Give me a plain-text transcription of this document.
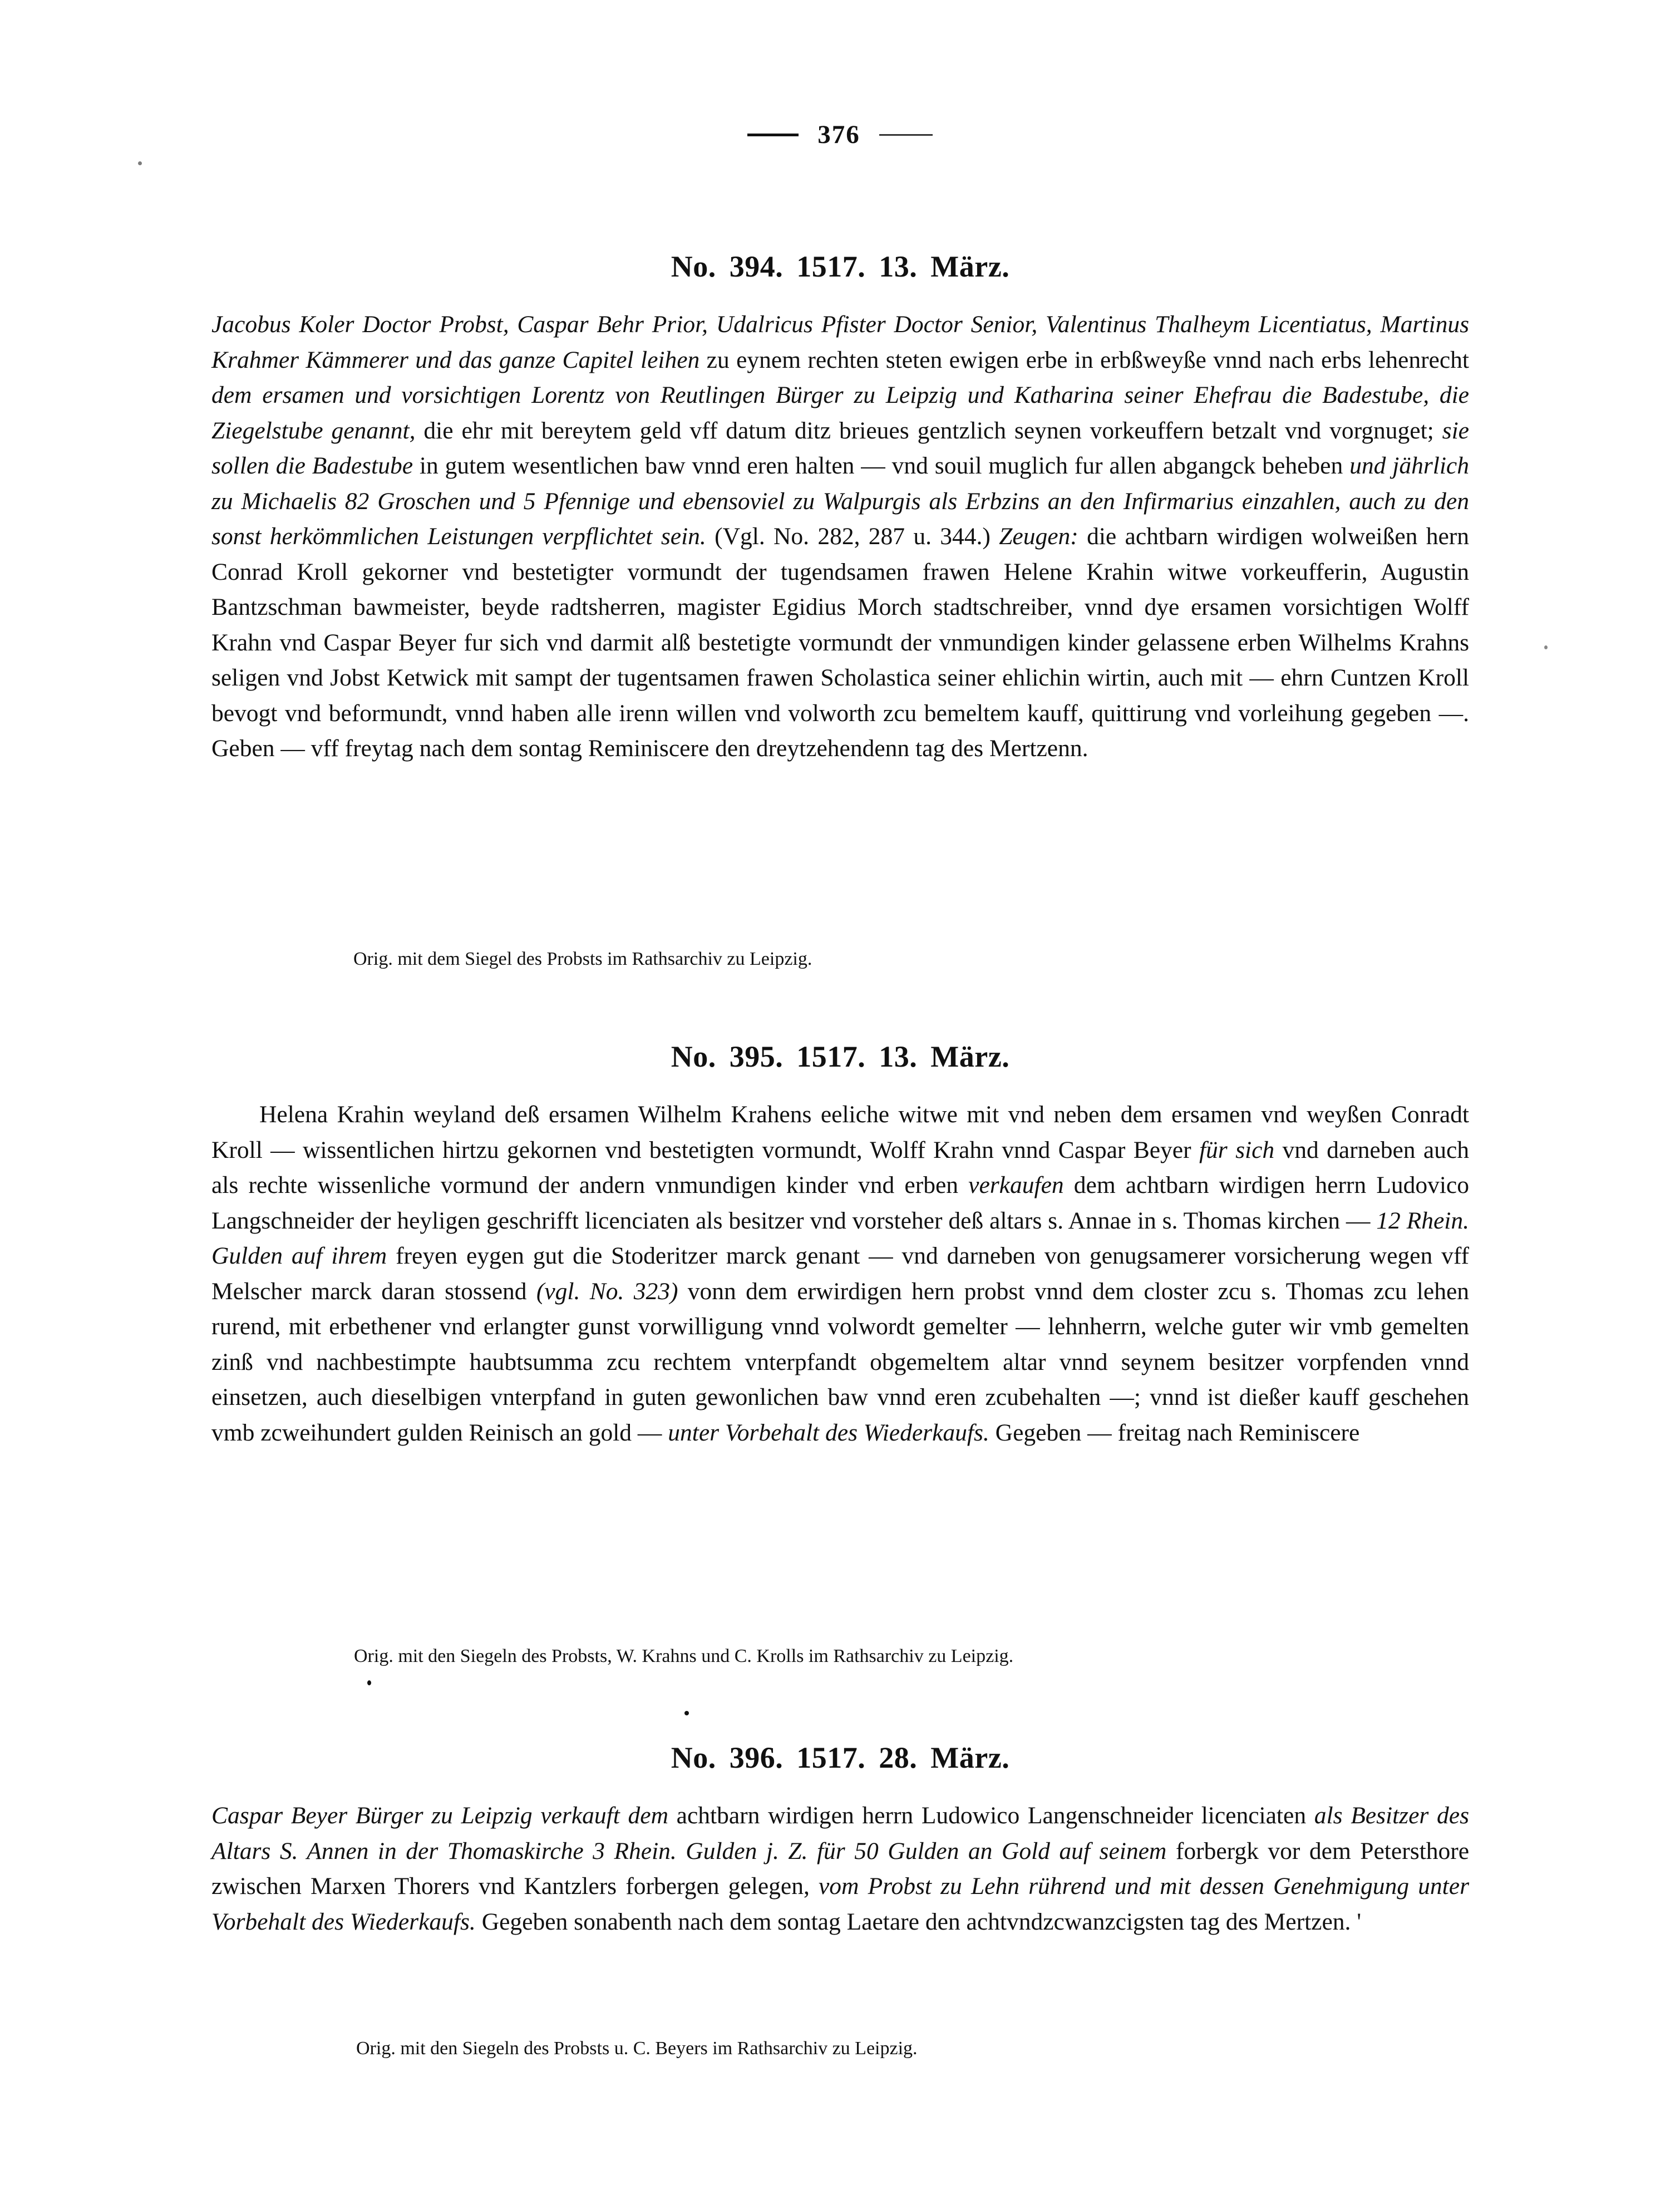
376
No. 394. 1517. 13. März.

Jacobus Koler Doctor Probst, Caspar Behr Prior, Udalricus Pfister Doctor Senior, Valentinus Thalheym Licentiatus, Martinus Krahmer Kämmerer und das ganze Capitel leihen zu eynem rechten steten ewigen erbe in erbßweyße vnnd nach erbs lehenrecht dem ersamen und vorsichtigen Lorentz von Reutlingen Bürger zu Leipzig und Katharina seiner Ehefrau die Badestube, die Ziegelstube genannt, die ehr mit bereytem geld vff datum ditz brieues gentzlich seynen vorkeuffern betzalt vnd vorgnuget; sie sollen die Badestube in gutem wesentlichen baw vnnd eren halten — vnd souil muglich fur allen abgangck beheben und jährlich zu Michaelis 82 Groschen und 5 Pfennige und ebensoviel zu Walpurgis als Erbzins an den Infirmarius einzahlen, auch zu den sonst herkömmlichen Leistungen verpflichtet sein. (Vgl. No. 282, 287 u. 344.) Zeugen: die achtbarn wirdigen wolweißen hern Conrad Kroll gekorner vnd bestetigter vormundt der tugendsamen frawen Helene Krahin witwe vorkeufferin, Augustin Bantzschman bawmeister, beyde radtsherren, magister Egidius Morch stadtschreiber, vnnd dye ersamen vorsichtigen Wolff Krahn vnd Caspar Beyer fur sich vnd darmit alß bestetigte vormundt der vnmundigen kinder gelassene erben Wilhelms Krahns seligen vnd Jobst Ketwick mit sampt der tugentsamen frawen Scholastica seiner ehlichin wirtin, auch mit — ehrn Cuntzen Kroll bevogt vnd beformundt, vnnd haben alle irenn willen vnd volworth zcu bemeltem kauff, quittirung vnd vorleihung gegeben —. Geben — vff freytag nach dem sontag Reminiscere den dreytzehendenn tag des Mertzenn.

Orig. mit dem Siegel des Probsts im Rathsarchiv zu Leipzig.

No. 395. 1517. 13. März.

Helena Krahin weyland deß ersamen Wilhelm Krahens eeliche witwe mit vnd neben dem ersamen vnd weyßen Conradt Kroll — wissentlichen hirtzu gekornen vnd bestetigten vormundt, Wolff Krahn vnnd Caspar Beyer für sich vnd darneben auch als rechte wissenliche vormund der andern vnmundigen kinder vnd erben verkaufen dem achtbarn wirdigen herrn Ludovico Langschneider der heyligen geschrifft licenciaten als besitzer vnd vorsteher deß altars s. Annae in s. Thomas kirchen — 12 Rhein. Gulden auf ihrem freyen eygen gut die Stoderitzer marck genant — vnd darneben von genugsamerer vorsicherung wegen vff Melscher marck daran stossend (vgl. No. 323) vonn dem erwirdigen hern probst vnnd dem closter zcu s. Thomas zcu lehen rurend, mit erbethener vnd erlangter gunst vorwilligung vnnd volwordt gemelter — lehnherrn, welche guter wir vmb gemelten zinß vnd nachbestimpte haubtsumma zcu rechtem vnterpfandt obgemeltem altar vnnd seynem besitzer vorpfenden vnnd einsetzen, auch dieselbigen vnterpfand in guten gewonlichen baw vnnd eren zcubehalten —; vnnd ist dießer kauff geschehen vmb zcweihundert gulden Reinisch an gold — unter Vorbehalt des Wiederkaufs. Gegeben — freitag nach Reminiscere

Orig. mit den Siegeln des Probsts, W. Krahns und C. Krolls im Rathsarchiv zu Leipzig.

No. 396. 1517. 28. März.

Caspar Beyer Bürger zu Leipzig verkauft dem achtbarn wirdigen herrn Ludowico Langenschneider licenciaten als Besitzer des Altars S. Annen in der Thomaskirche 3 Rhein. Gulden j. Z. für 50 Gulden an Gold auf seinem forbergk vor dem Petersthore zwischen Marxen Thorers vnd Kantzlers forbergen gelegen, vom Probst zu Lehn rührend und mit dessen Genehmigung unter Vorbehalt des Wiederkaufs. Gegeben sonabenth nach dem sontag Laetare den achtvndzcwanzcigsten tag des Mertzen. '

Orig. mit den Siegeln des Probsts u. C. Beyers im Rathsarchiv zu Leipzig.
